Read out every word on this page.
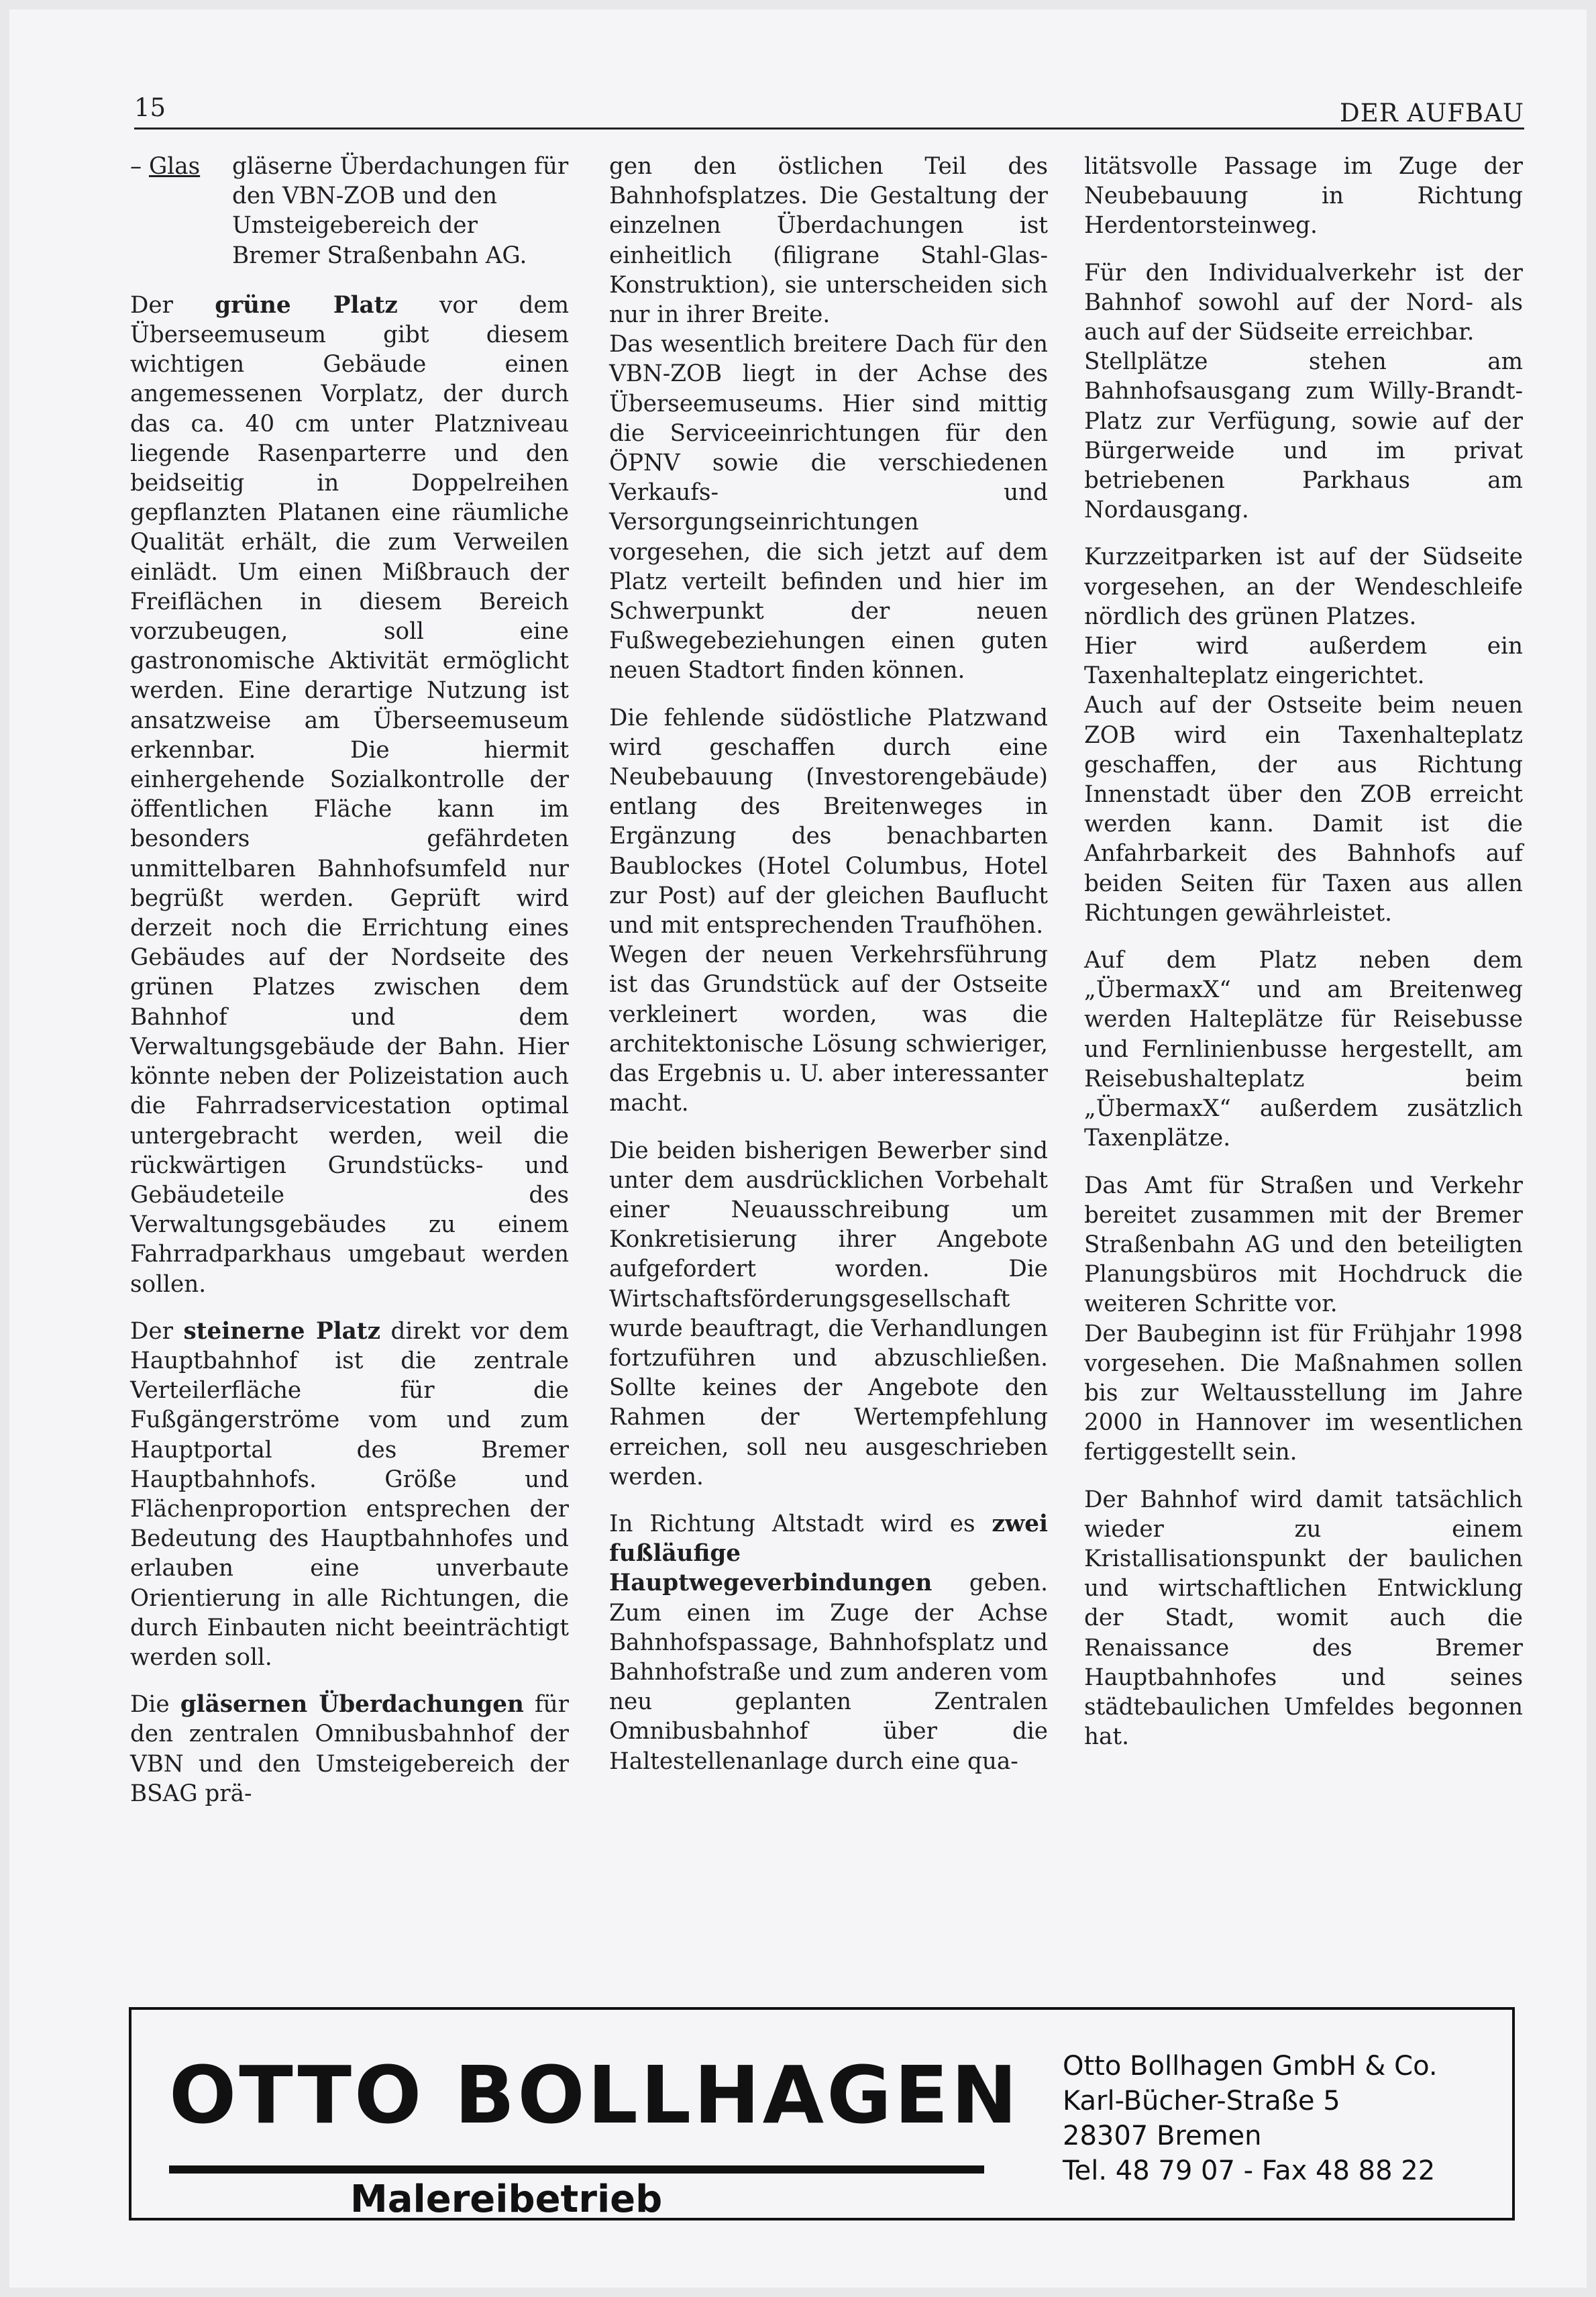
15	DER AUFBAU
– Glas	gläserne Überdachungen für den VBN-ZOB und den Umsteigebereich der Bremer Straßenbahn AG.

Der grüne Platz vor dem Überseemuseum gibt diesem wichtigen Gebäude einen angemessenen Vorplatz, der durch das ca. 40 cm unter Platzniveau liegende Rasenparterre und den beidseitig in Doppelreihen gepflanzten Platanen eine räumliche Qualität erhält, die zum Verweilen einlädt. Um einen Mißbrauch der Freiflächen in diesem Bereich vorzubeugen, soll eine gastronomische Aktivität ermöglicht werden. Eine derartige Nutzung ist ansatzweise am Überseemuseum erkennbar. Die hiermit einhergehende Sozialkontrolle der öffentlichen Fläche kann im besonders gefährdeten unmittelbaren Bahnhofsumfeld nur begrüßt werden. Geprüft wird derzeit noch die Errichtung eines Gebäudes auf der Nordseite des grünen Platzes zwischen dem Bahnhof und dem Verwaltungsgebäude der Bahn. Hier könnte neben der Polizeistation auch die Fahrradservicestation optimal untergebracht werden, weil die rückwärtigen Grundstücks- und Gebäudeteile des Verwaltungsgebäudes zu einem Fahrradparkhaus umgebaut werden sollen.

Der steinerne Platz direkt vor dem Hauptbahnhof ist die zentrale Verteilerfläche für die Fußgängerströme vom und zum Hauptportal des Bremer Hauptbahnhofs. Größe und Flächenproportion entsprechen der Bedeutung des Hauptbahnhofes und erlauben eine unverbaute Orientierung in alle Richtungen, die durch Einbauten nicht beeinträchtigt werden soll.

Die gläsernen Überdachungen für den zentralen Omnibusbahnhof der VBN und den Umsteigebereich der BSAG prä-

gen den östlichen Teil des Bahnhofsplatzes. Die Gestaltung der einzelnen Überdachungen ist einheitlich (filigrane Stahl-Glas-Konstruktion), sie unterscheiden sich nur in ihrer Breite.

Das wesentlich breitere Dach für den VBN-ZOB liegt in der Achse des Überseemuseums. Hier sind mittig die Serviceeinrichtungen für den ÖPNV sowie die verschiedenen Verkaufs- und Versorgungseinrichtungen vorgesehen, die sich jetzt auf dem Platz verteilt befinden und hier im Schwerpunkt der neuen Fußwegebeziehungen einen guten neuen Stadtort finden können.

Die fehlende südöstliche Platzwand wird geschaffen durch eine Neubebauung (Investorengebäude) entlang des Breitenweges in Ergänzung des benachbarten Baublockes (Hotel Columbus, Hotel zur Post) auf der gleichen Bauflucht und mit entsprechenden Traufhöhen.

Wegen der neuen Verkehrsführung ist das Grundstück auf der Ostseite verkleinert worden, was die architektonische Lösung schwieriger, das Ergebnis u. U. aber interessanter macht.

Die beiden bisherigen Bewerber sind unter dem ausdrücklichen Vorbehalt einer Neuausschreibung um Konkretisierung ihrer Angebote aufgefordert worden. Die Wirtschaftsförderungsgesellschaft wurde beauftragt, die Verhandlungen fortzuführen und abzuschließen. Sollte keines der Angebote den Rahmen der Wertempfehlung erreichen, soll neu ausgeschrieben werden.

In Richtung Altstadt wird es zwei fußläufige Hauptwegeverbindungen geben. Zum einen im Zuge der Achse Bahnhofspassage, Bahnhofsplatz und Bahnhofstraße und zum anderen vom neu geplanten Zentralen Omnibusbahnhof über die Haltestellenanlage durch eine qua-

litätsvolle Passage im Zuge der Neubebauung in Richtung Herdentorsteinweg.

Für den Individualverkehr ist der Bahnhof sowohl auf der Nord- als auch auf der Südseite erreichbar.

Stellplätze stehen am Bahnhofsausgang zum Willy-Brandt-Platz zur Verfügung, sowie auf der Bürgerweide und im privat betriebenen Parkhaus am Nordausgang.

Kurzzeitparken ist auf der Südseite vorgesehen, an der Wendeschleife nördlich des grünen Platzes.

Hier wird außerdem ein Taxenhalteplatz eingerichtet.

Auch auf der Ostseite beim neuen ZOB wird ein Taxenhalteplatz geschaffen, der aus Richtung Innenstadt über den ZOB erreicht werden kann. Damit ist die Anfahrbarkeit des Bahnhofs auf beiden Seiten für Taxen aus allen Richtungen gewährleistet.

Auf dem Platz neben dem „ÜbermaxX“ und am Breitenweg werden Halteplätze für Reisebusse und Fernlinienbusse hergestellt, am Reisebushalteplatz beim „ÜbermaxX“ außerdem zusätzlich Taxenplätze.

Das Amt für Straßen und Verkehr bereitet zusammen mit der Bremer Straßenbahn AG und den beteiligten Planungsbüros mit Hochdruck die weiteren Schritte vor.

Der Baubeginn ist für Frühjahr 1998 vorgesehen. Die Maßnahmen sollen bis zur Weltausstellung im Jahre 2000 in Hannover im wesentlichen fertiggestellt sein.

Der Bahnhof wird damit tatsächlich wieder zu einem Kristallisationspunkt der baulichen und wirtschaftlichen Entwicklung der Stadt, womit auch die Renaissance des Bremer Hauptbahnhofes und seines städtebaulichen Umfeldes begonnen hat.

OTTO BOLLHAGEN
Malereibetrieb
Otto Bollhagen GmbH & Co.
Karl-Bücher-Straße 5
28307 Bremen
Tel. 48 79 07 - Fax 48 88 22
